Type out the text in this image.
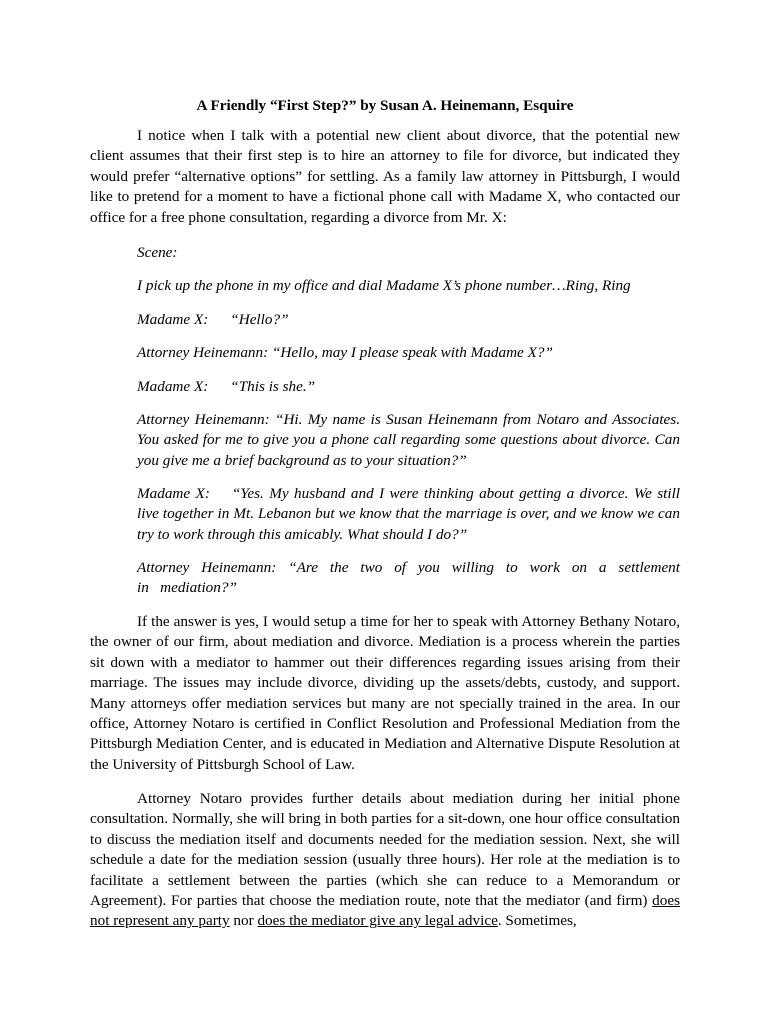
A Friendly “First Step?” by Susan A. Heinemann, Esquire

I notice when I talk with a potential new client about divorce, that the potential new client assumes that their first step is to hire an attorney to file for divorce, but indicated they would prefer “alternative options” for settling. As a family law attorney in Pittsburgh, I would like to pretend for a moment to have a fictional phone call with Madame X, who contacted our office for a free phone consultation, regarding a divorce from Mr. X:

Scene:

I pick up the phone in my office and dial Madame X’s phone number…Ring, Ring

Madame X: “Hello?”

Attorney Heinemann: “Hello, may I please speak with Madame X?”

Madame X: “This is she.”

Attorney Heinemann: “Hi. My name is Susan Heinemann from Notaro and Associates. You asked for me to give you a phone call regarding some questions about divorce. Can you give me a brief background as to your situation?”

Madame X: “Yes. My husband and I were thinking about getting a divorce. We still live together in Mt. Lebanon but we know that the marriage is over, and we know we can try to work through this amicably. What should I do?”

Attorney Heinemann: “Are the two of you willing to work on a settlement in mediation?”

If the answer is yes, I would setup a time for her to speak with Attorney Bethany Notaro, the owner of our firm, about mediation and divorce. Mediation is a process wherein the parties sit down with a mediator to hammer out their differences regarding issues arising from their marriage. The issues may include divorce, dividing up the assets/debts, custody, and support. Many attorneys offer mediation services but many are not specially trained in the area. In our office, Attorney Notaro is certified in Conflict Resolution and Professional Mediation from the Pittsburgh Mediation Center, and is educated in Mediation and Alternative Dispute Resolution at the University of Pittsburgh School of Law.

Attorney Notaro provides further details about mediation during her initial phone consultation. Normally, she will bring in both parties for a sit-down, one hour office consultation to discuss the mediation itself and documents needed for the mediation session. Next, she will schedule a date for the mediation session (usually three hours). Her role at the mediation is to facilitate a settlement between the parties (which she can reduce to a Memorandum or Agreement). For parties that choose the mediation route, note that the mediator (and firm) does not represent any party nor does the mediator give any legal advice. Sometimes,
